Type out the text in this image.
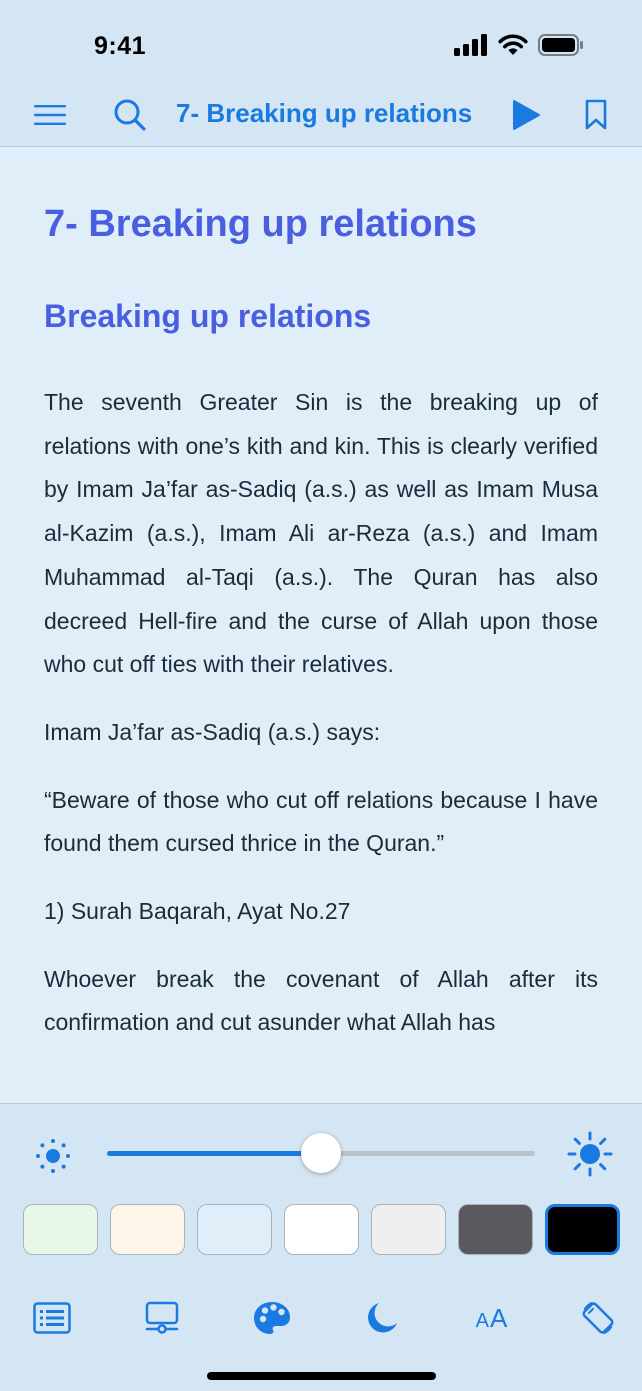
9:41
7- Breaking up relations
7- Breaking up relations
Breaking up relations

The seventh Greater Sin is the breaking up of relations with one’s kith and kin. This is clearly verified by Imam Ja’far as-Sadiq (a.s.) as well as Imam Musa al-Kazim (a.s.), Imam Ali ar-Reza (a.s.) and Imam Muhammad al-Taqi (a.s.). The Quran has also decreed Hell-fire and the curse of Allah upon those who cut off ties with their relatives.

Imam Ja’far as-Sadiq (a.s.) says:

“Beware of those who cut off relations because I have found them cursed thrice in the Quran.”

1) Surah Baqarah, Ayat No.27

Whoever break the covenant of Allah after its confirmation and cut asunder what Allah has

AA
